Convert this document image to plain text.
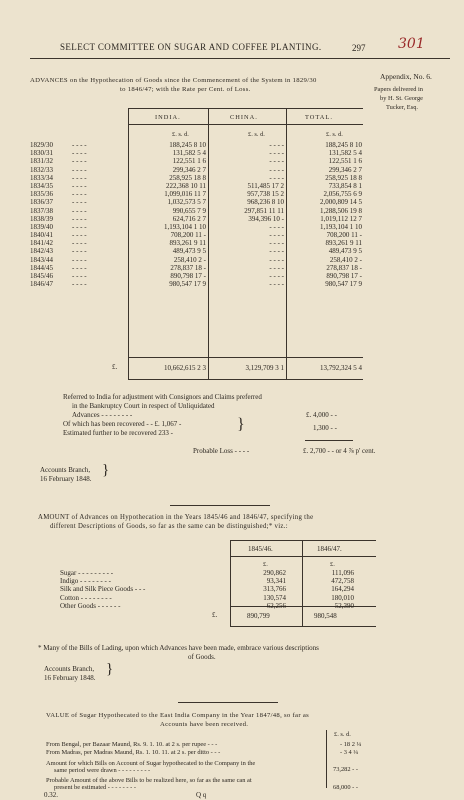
SELECT COMMITTEE ON SUGAR AND COFFEE PLANTING.	297 301
Appendix, No. 6.
Papers delivered in
by H. St. George
Tucker, Esq.
ADVANCES on the Hypothecation of Goods since the Commencement of the System in 1829/30
to 1846/47; with the Rate per Cent. of Loss.
INDIA.	CHINA.	TOTAL.
£. s. d.	£. s. d.	£. s. d.
1829/30	- - - -	188,245 8 10	- - - -	188,245 8 10
1830/31	- - - -	131,582 5 4	- - - -	131,582 5 4
1831/32	- - - -	122,551 1 6	- - - -	122,551 1 6
1832/33	- - - -	299,346 2 7	- - - -	299,346 2 7
1833/34	- - - -	258,925 18 8	- - - -	258,925 18 8
1834/35	- - - -	222,368 10 11	511,485 17 2	733,854 8 1
1835/36	- - - -	1,099,016 11 7	957,738 15 2	2,056,755 6 9
1836/37	- - - -	1,032,573 5 7	968,236 8 10	2,000,809 14 5
1837/38	- - - -	990,655 7 9	297,851 11 11	1,288,506 19 8
1838/39	- - - -	624,716 2 7	394,396 10 -	1,019,112 12 7
1839/40	- - - -	1,193,104 1 10	- - - -	1,193,104 1 10
1840/41	- - - -	708,200 11 -	- - - -	708,200 11 -
1841/42	- - - -	893,261 9 11	- - - -	893,261 9 11
1842/43	- - - -	489,473 9 5	- - - -	489,473 9 5
1843/44	- - - -	258,410 2 -	- - - -	258,410 2 -
1844/45	- - - -	278,837 18 -	- - - -	278,837 18 -
1845/46	- - - -	890,798 17 -	- - - -	890,798 17 -
1846/47	- - - -	980,547 17 9	- - - -	980,547 17 9
£.	10,662,615 2 3	3,129,709 3 1	13,792,324 5 4
Referred to India for adjustment with Consignors and Claims preferred
in the Bankruptcy Court in respect of Unliquidated
Advances - - - - - - - -	£. 4,000 - -
Of which has been recovered - - £. 1,067 -
Estimated further to be recovered 233 -	}	1,300 - -
Probable Loss - - - -	£. 2,700 - - or 4 ⅞ p' cent.
Accounts Branch,
16 February 1848.
}
AMOUNT of Advances on Hypothecation in the Years 1845/46 and 1846/47, specifying the
different Descriptions of Goods, so far as the same can be distinguished;* viz.:
1845/46.	1846/47.
£.	£.
Sugar - - - - - - - - -	290,862	111,096
Indigo - - - - - - - -	93,341	472,758
Silk and Silk Piece Goods - - -	313,766	164,294
Cotton - - - - - - - -	130,574	180,010
Other Goods - - - - - -	62,256	52,390
£.	890,799	980,548
* Many of the Bills of Lading, upon which Advances have been made, embrace various descriptions
of Goods.
Accounts Branch,
16 February 1848.
}
VALUE of Sugar Hypothecated to the East India Company in the Year 1847/48, so far as
Accounts have been received.
£. s. d.
From Bengal, per Bazaar Maund, Rs. 9. 1. 10. at 2 s. per rupee - - -	- 18 2 ¼
From Madras, per Madras Maund, Rs. 1. 10. 11. at 2 s. per ditto - - -	- 3 4 ¼
Amount for which Bills on Account of Sugar hypothecated to the Company in the
same period were drawn - - - - - - - - -	73,282 - -
Probable Amount of the above Bills to be realized here, so far as the same can at
present be estimated - - - - - - - -	68,000 - -
0.32.	Q q
